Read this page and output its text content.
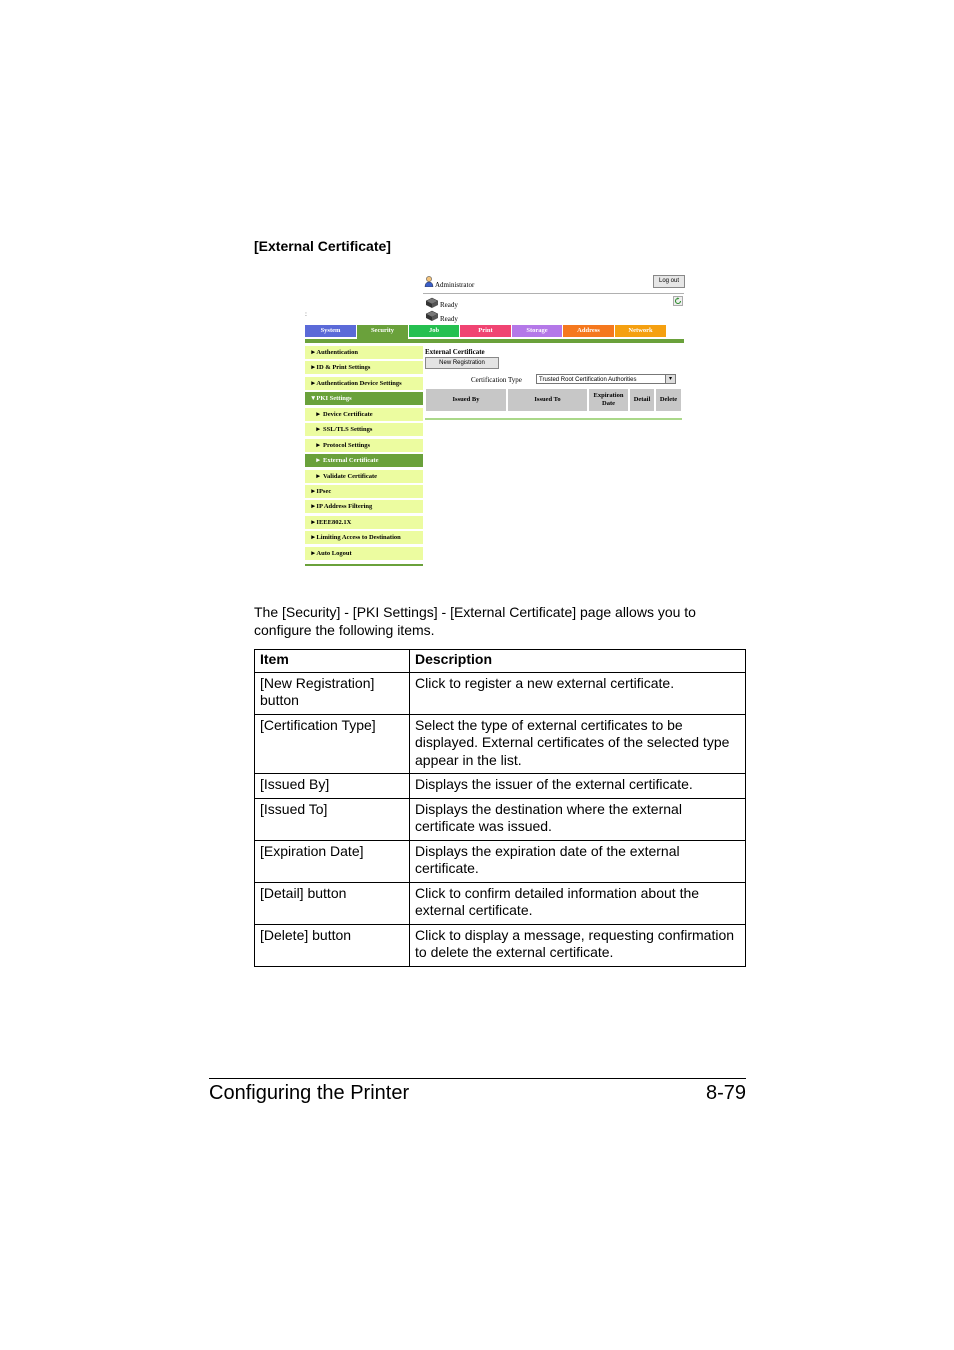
[External Certificate]
Administrator	Log out
Ready
Ready
:
System	Security	Job	Print	Storage	Address	Network
►Authentication
►ID & Print Settings
►Authentication Device Settings
▼PKI Settings
► Device Certificate
► SSL/TLS Settings
► Protocol Settings
► External Certificate
► Validate Certificate
►IPsec
►IP Address Filtering
►IEEE802.1X
►Limiting Access to Destination
►Auto Logout
External Certificate
New Registration
Certification Type	Trusted Root Certification Authorities	▾
Issued By	Issued To
Expiration Date
Detail	Delete
The [Security] - [PKI Settings] - [External Certificate] page allows you to configure the following items.
Item	Description
[New Registration] button	Click to register a new external certificate.
[Certification Type]	Select the type of external certificates to be displayed. External certificates of the selected type appear in the list.
[Issued By]	Displays the issuer of the external certificate.
[Issued To]	Displays the destination where the external certificate was issued.
[Expiration Date]	Displays the expiration date of the external certificate.
[Detail] button	Click to confirm detailed information about the external certificate.
[Delete] button	Click to display a message, requesting confirmation to delete the external certificate.
Configuring the Printer	8-79
